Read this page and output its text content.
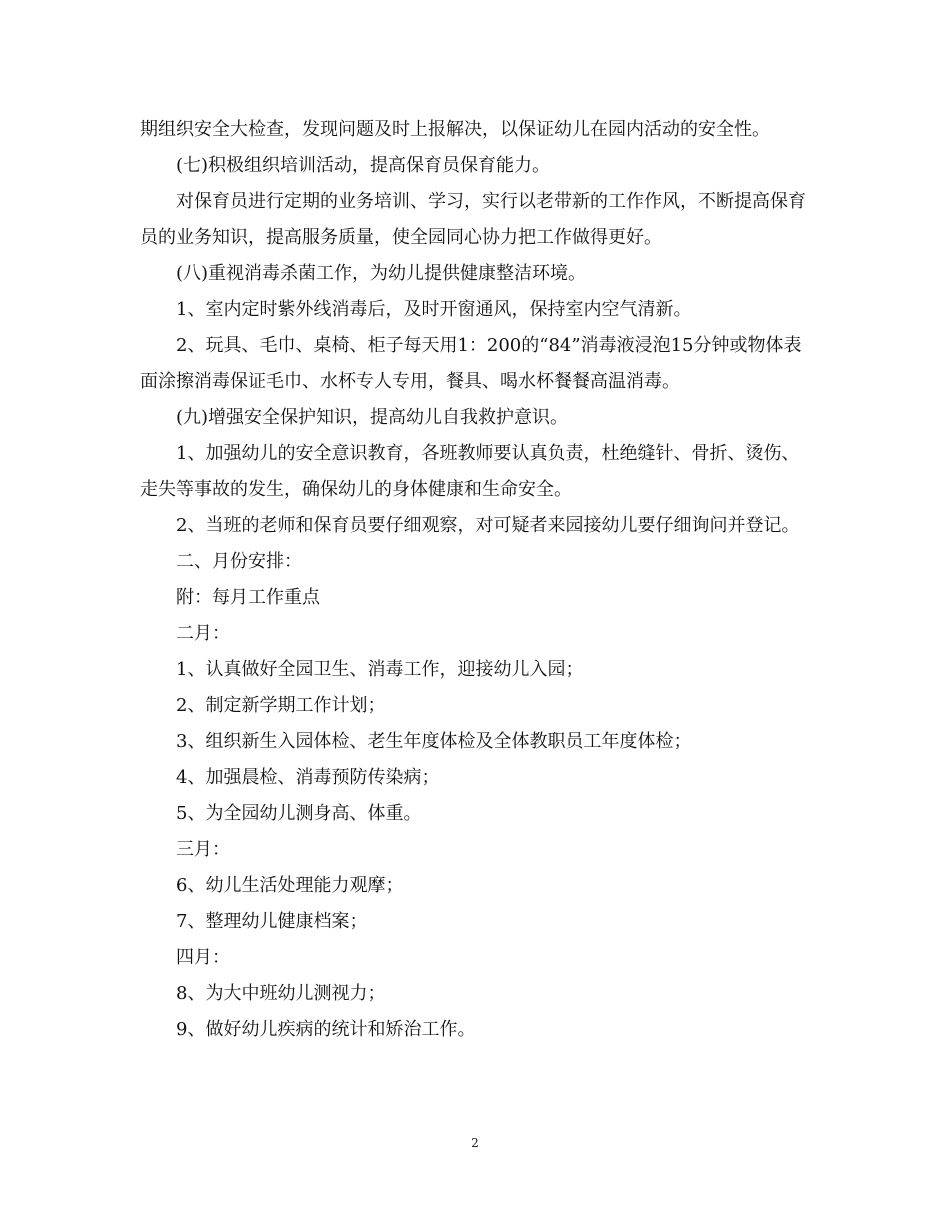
期组织安全大检查，发现问题及时上报解决，以保证幼儿在园内活动的安全性。

(七)积极组织培训活动，提高保育员保育能力。

对保育员进行定期的业务培训、学习，实行以老带新的工作作风，不断提高保育员的业务知识，提高服务质量，使全园同心协力把工作做得更好。

(八)重视消毒杀菌工作，为幼儿提供健康整洁环境。

1、室内定时紫外线消毒后，及时开窗通风，保持室内空气清新。

2、玩具、毛巾、桌椅、柜子每天用1：200的“84”消毒液浸泡15分钟或物体表面涂擦消毒保证毛巾、水杯专人专用，餐具、喝水杯餐餐高温消毒。

(九)增强安全保护知识，提高幼儿自我救护意识。

1、加强幼儿的安全意识教育，各班教师要认真负责，杜绝缝针、骨折、烫伤、走失等事故的发生，确保幼儿的身体健康和生命安全。

2、当班的老师和保育员要仔细观察，对可疑者来园接幼儿要仔细询问并登记。

二、月份安排：

附：每月工作重点

二月：

1、认真做好全园卫生、消毒工作，迎接幼儿入园；

2、制定新学期工作计划；

3、组织新生入园体检、老生年度体检及全体教职员工年度体检；

4、加强晨检、消毒预防传染病；

5、为全园幼儿测身高、体重。

三月：

6、幼儿生活处理能力观摩；

7、整理幼儿健康档案；

四月：

8、为大中班幼儿测视力；

9、做好幼儿疾病的统计和矫治工作。

2
